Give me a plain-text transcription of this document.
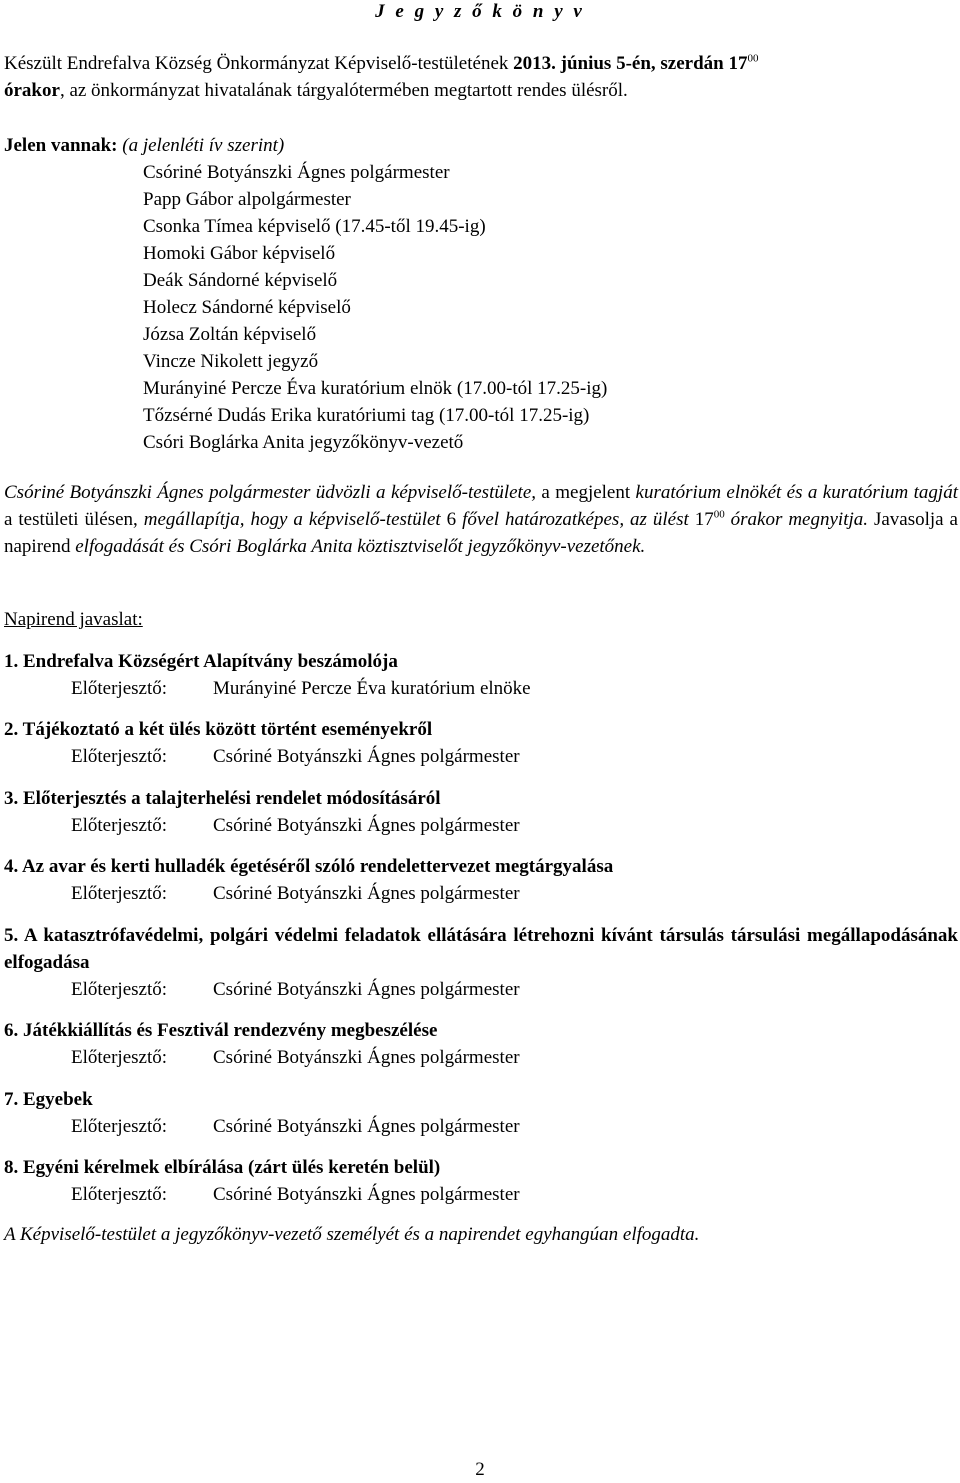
J e g y z ő k ö n y v

Készült Endrefalva Község Önkormányzat Képviselő-testületének 2013. június 5-én, szerdán $17^{00}$

órakor, az önkormányzat hivatalának tárgyalótermében megtartott rendes ülésről.

Jelen vannak: (a jelenléti ív szerint)

Csóriné Botyánszki Ágnes polgármester
Papp Gábor alpolgármester
Csonka Tímea képviselő (17.45-től 19.45-ig)
Homoki Gábor képviselő
Deák Sándorné képviselő
Holecz Sándorné képviselő
Józsa Zoltán képviselő
Vincze Nikolett jegyző
Murányiné Percze Éva kuratórium elnök (17.00-tól 17.25-ig)
Tőzsérné Dudás Erika kuratóriumi tag (17.00-tól 17.25-ig)
Csóri Boglárka Anita jegyzőkönyv-vezető

Csóriné Botyánszki Ágnes polgármester üdvözli a képviselő-testülete, a megjelent kuratórium elnökét és a kuratórium tagját a testületi ülésen, megállapítja, hogy a képviselő-testület 6 fővel határozatképes, az ülést $17^{00}$ órakor megnyitja. Javasolja a napirend elfogadását és Csóri Boglárka Anita köztisztviselőt jegyzőkönyv-vezetőnek.

Napirend javaslat:

1. Endrefalva Községért Alapítvány beszámolója

Előterjesztő: Murányiné Percze Éva kuratórium elnöke

2. Tájékoztató a két ülés között történt eseményekről

Előterjesztő: Csóriné Botyánszki Ágnes polgármester

3. Előterjesztés a talajterhelési rendelet módosításáról

Előterjesztő: Csóriné Botyánszki Ágnes polgármester

4. Az avar és kerti hulladék égetéséről szóló rendelettervezet megtárgyalása

Előterjesztő: Csóriné Botyánszki Ágnes polgármester

5. A katasztrófavédelmi, polgári védelmi feladatok ellátására létrehozni kívánt társulás társulási megállapodásának elfogadása

Előterjesztő: Csóriné Botyánszki Ágnes polgármester

6. Játékkiállítás és Fesztivál rendezvény megbeszélése

Előterjesztő: Csóriné Botyánszki Ágnes polgármester

7. Egyebek

Előterjesztő: Csóriné Botyánszki Ágnes polgármester

8. Egyéni kérelmek elbírálása (zárt ülés keretén belül)

Előterjesztő: Csóriné Botyánszki Ágnes polgármester

A Képviselő-testület a jegyzőkönyv-vezető személyét és a napirendet egyhangúan elfogadta.

2
